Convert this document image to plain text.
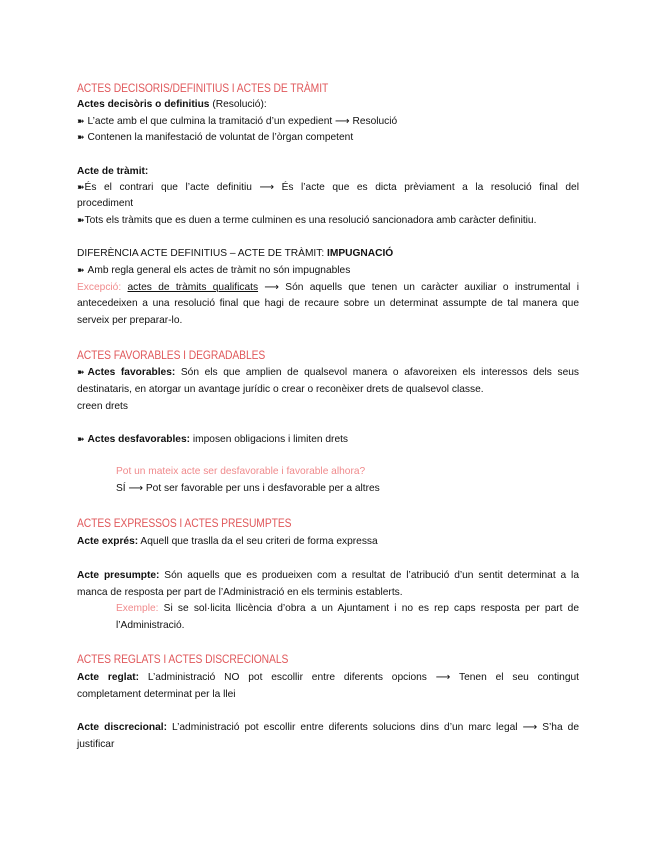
ACTES DECISORIS/DEFINITIUS I ACTES DE TRÀMIT
Actes decisòris o definitius (Resolució):
➽ L’acte amb el que culmina la tramitació d’un expedient ⟶ Resolució
➽ Contenen la manifestació de voluntat de l’òrgan competent
Acte de tràmit:
➽És el contrari que l’acte definitiu ⟶ És l’acte que es dicta prèviament a la resolució final del
procediment
➽Tots els tràmits que es duen a terme culminen es una resolució sancionadora amb caràcter definitiu.
DIFERÈNCIA ACTE DEFINITIUS – ACTE DE TRÀMIT: IMPUGNACIÓ
➽ Amb regla general els actes de tràmit no són impugnables
Excepció: actes de tràmits qualificats ⟶ Són aquells que tenen un caràcter auxiliar o instrumental i
antecedeixen a una resolució final que hagi de recaure sobre un determinat assumpte de tal manera que
serveix per preparar-lo.
ACTES FAVORABLES I DEGRADABLES
➽ Actes favorables: Són els que amplien de qualsevol manera o afavoreixen els interessos dels seus
destinataris, en atorgar un avantage jurídic o crear o reconèixer drets de qualsevol classe.
creen drets
➽ Actes desfavorables: imposen obligacions i limiten drets
Pot un mateix acte ser desfavorable i favorable alhora?
SÍ ⟶ Pot ser favorable per uns i desfavorable per a altres
ACTES EXPRESSOS I ACTES PRESUMPTES
Acte exprés: Aquell que traslla da el seu criteri de forma expressa
Acte presumpte: Són aquells que es produeixen com a resultat de l’atribució d’un sentit determinat a la
manca de resposta per part de l’Administració en els terminis establerts.
Exemple: Si se sol·licita llicència d’obra a un Ajuntament i no es rep caps resposta per part de
l’Administració.
ACTES REGLATS I ACTES DISCRECIONALS
Acte reglat: L’administració NO pot escollir entre diferents opcions ⟶ Tenen el seu contingut
completament determinat per la llei
Acte discrecional: L’administració pot escollir entre diferents solucions dins d’un marc legal ⟶ S’ha de
justificar
